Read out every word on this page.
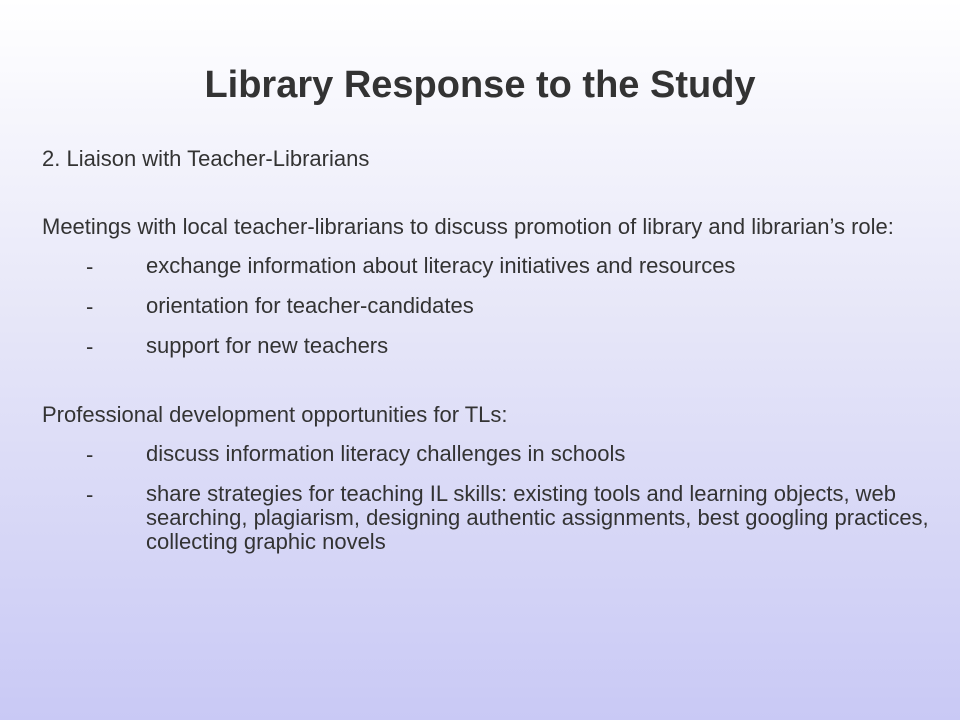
Library Response to the Study

2. Liaison with Teacher-Librarians

Meetings with local teacher-librarians to discuss promotion of library and librarian’s role:

-	exchange information about literacy initiatives and resources
-	orientation for teacher-candidates
-	support for new teachers

Professional development opportunities for TLs:

-	discuss information literacy challenges in schools
-	share strategies for teaching IL skills: existing tools and learning objects, web searching, plagiarism, designing authentic assignments, best googling practices, collecting graphic novels
